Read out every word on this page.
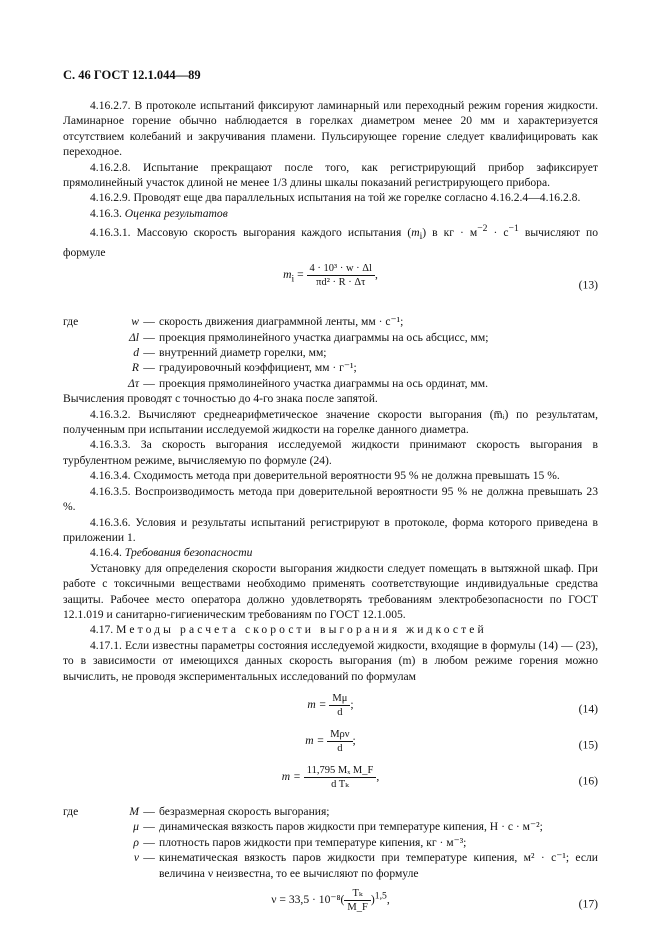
С. 46 ГОСТ 12.1.044—89

4.16.2.7. В протоколе испытаний фиксируют ламинарный или переходный режим горения жидкости. Ламинарное горение обычно наблюдается в горелках диаметром менее 20 мм и характеризуется отсутствием колебаний и закручивания пламени. Пульсирующее горение следует квалифицировать как переходное.

4.16.2.8. Испытание прекращают после того, как регистрирующий прибор зафиксирует прямолинейный участок длиной не менее 1/3 длины шкалы показаний регистрирующего прибора.

4.16.2.9. Проводят еще два параллельных испытания на той же горелке согласно 4.16.2.4—4.16.2.8.

4.16.3. Оценка результатов

4.16.3.1. Массовую скорость выгорания каждого испытания $(m_i)$ в кг · $м^{-2} \cdot с^{-1}$ вычисляют по формуле

$m_i = \frac{\text{4 · 10³ · w · Δl}}{\text{πd² · R · Δτ}}$ ,
(13)
где	w — скорость движения диаграммной ленты, мм · с⁻¹;
Δl — проекция прямолинейного участка диаграммы на ось абсцисс, мм;
d — внутренний диаметр горелки, мм;
R — градуировочный коэффициент, мм · г⁻¹;
Δτ — проекция прямолинейного участка диаграммы на ось ординат, мм.

Вычисления проводят с точностью до 4-го знака после запятой.

4.16.3.2. Вычисляют среднеарифметическое значение скорости выгорания (m̅ᵢ) по результатам, полученным при испытании исследуемой жидкости на горелке данного диаметра.

4.16.3.3. За скорость выгорания исследуемой жидкости принимают скорость выгорания в турбулентном режиме, вычисляемую по формуле (24).

4.16.3.4. Сходимость метода при доверительной вероятности 95 % не должна превышать 15 %.

4.16.3.5. Воспроизводимость метода при доверительной вероятности 95 % не должна превышать 23 %.

4.16.3.6. Условия и результаты испытаний регистрируют в протоколе, форма которого приведена в приложении 1.

4.16.4. Требования безопасности

Установку для определения скорости выгорания жидкости следует помещать в вытяжной шкаф. При работе с токсичными веществами необходимо применять соответствующие индивидуальные средства защиты. Рабочее место оператора должно удовлетворять требованиям электробезопасности по ГОСТ 12.1.019 и санитарно-гигиеническим требованиям по ГОСТ 12.1.005.

4.17. Методы расчета скорости выгорания жидкостей

4.17.1. Если известны параметры состояния исследуемой жидкости, входящие в формулы (14) — (23), то в зависимости от имеющихся данных скорость выгорания (m) в любом режиме горения можно вычислить, не проводя экспериментальных исследований по формулам

$m = \frac{M\mu}{d}$ ;	(14)
$m = \frac{\text{Mρν}}{d}$ ;	(15)
$m = \frac{\text{11,795 Mₓ M\_F}}{\text{d Tₖ}}$ ,	(16)
где	M — безразмерная скорость выгорания;
μ — динамическая вязкость паров жидкости при температуре кипения, Н · с · м⁻²;
ρ — плотность паров жидкости при температуре кипения, кг · м⁻³;
ν — кинематическая вязкость паров жидкости при температуре кипения, м² · с⁻¹; если величина ν неизвестна, то ее вычисляют по формуле
$\nu = 33,5 \cdot 10^{-8}( \frac{\text{Tₖ}}{M\_F} )^{1,5}$,	(17)
